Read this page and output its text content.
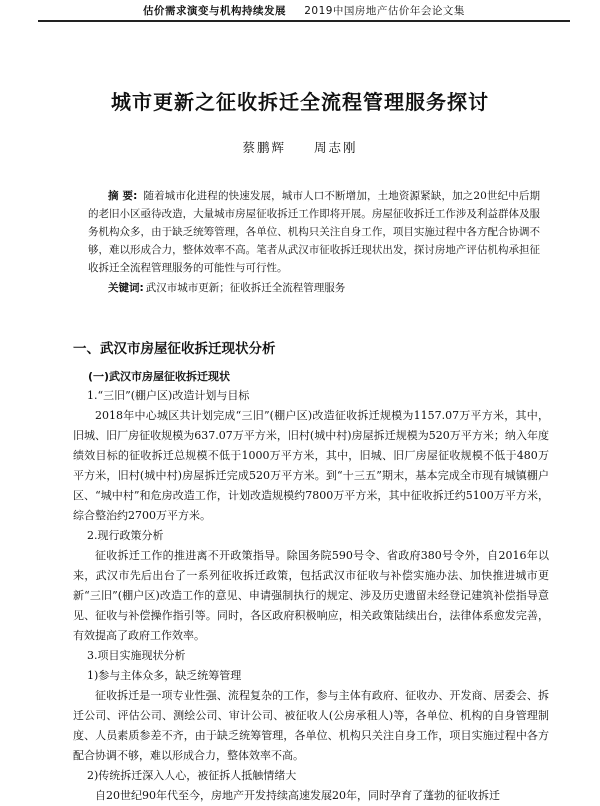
估价需求演变与机构持续发展 2019中国房地产估价年会论文集
城市更新之征收拆迁全流程管理服务探讨
蔡鹏辉 周志刚
摘 要: 随着城市化进程的快速发展，城市人口不断增加，土地资源紧缺，加之20世纪中后期的老旧小区亟待改造，大量城市房屋征收拆迁工作即将开展。房屋征收拆迁工作涉及利益群体及服务机构众多，由于缺乏统筹管理，各单位、机构只关注自身工作，项目实施过程中各方配合协调不够，难以形成合力，整体效率不高。笔者从武汉市征收拆迁现状出发，探讨房地产评估机构承担征收拆迁全流程管理服务的可能性与可行性。
关键词: 武汉市城市更新；征收拆迁全流程管理服务
一、武汉市房屋征收拆迁现状分析
(一)武汉市房屋征收拆迁现状

1.“三旧”(棚户区)改造计划与目标

2018年中心城区共计划完成“三旧”(棚户区)改造征收拆迁规模为1157.07万平方米，其中，旧城、旧厂房征收规模为637.07万平方米，旧村(城中村)房屋拆迁规模为520万平方米；纳入年度绩效目标的征收拆迁总规模不低于1000万平方米，其中，旧城、旧厂房屋征收规模不低于480万平方米，旧村(城中村)房屋拆迁完成520万平方米。到“十三五”期末，基本完成全市现有城镇棚户区、“城中村”和危房改造工作，计划改造规模约7800万平方米，其中征收拆迁约5100万平方米，综合整治约2700万平方米。

2.现行政策分析

征收拆迁工作的推进离不开政策指导。除国务院590号令、省政府380号令外，自2016年以来，武汉市先后出台了一系列征收拆迁政策，包括武汉市征收与补偿实施办法、加快推进城市更新“三旧”(棚户区)改造工作的意见、申请强制执行的规定、涉及历史遗留未经登记建筑补偿指导意见、征收与补偿操作指引等。同时，各区政府积极响应，相关政策陆续出台，法律体系愈发完善，有效提高了政府工作效率。

3.项目实施现状分析

1)参与主体众多，缺乏统筹管理

征收拆迁是一项专业性强、流程复杂的工作，参与主体有政府、征收办、开发商、居委会、拆迁公司、评估公司、测绘公司、审计公司、被征收人(公房承租人)等，各单位、机构的自身管理制度、人员素质参差不齐，由于缺乏统筹管理，各单位、机构只关注自身工作，项目实施过程中各方配合协调不够，难以形成合力，整体效率不高。

2)传统拆迁深入人心，被征拆人抵触情绪大

自20世纪90年代至今，房地产开发持续高速发展20年，同时孕育了蓬勃的征收拆迁
